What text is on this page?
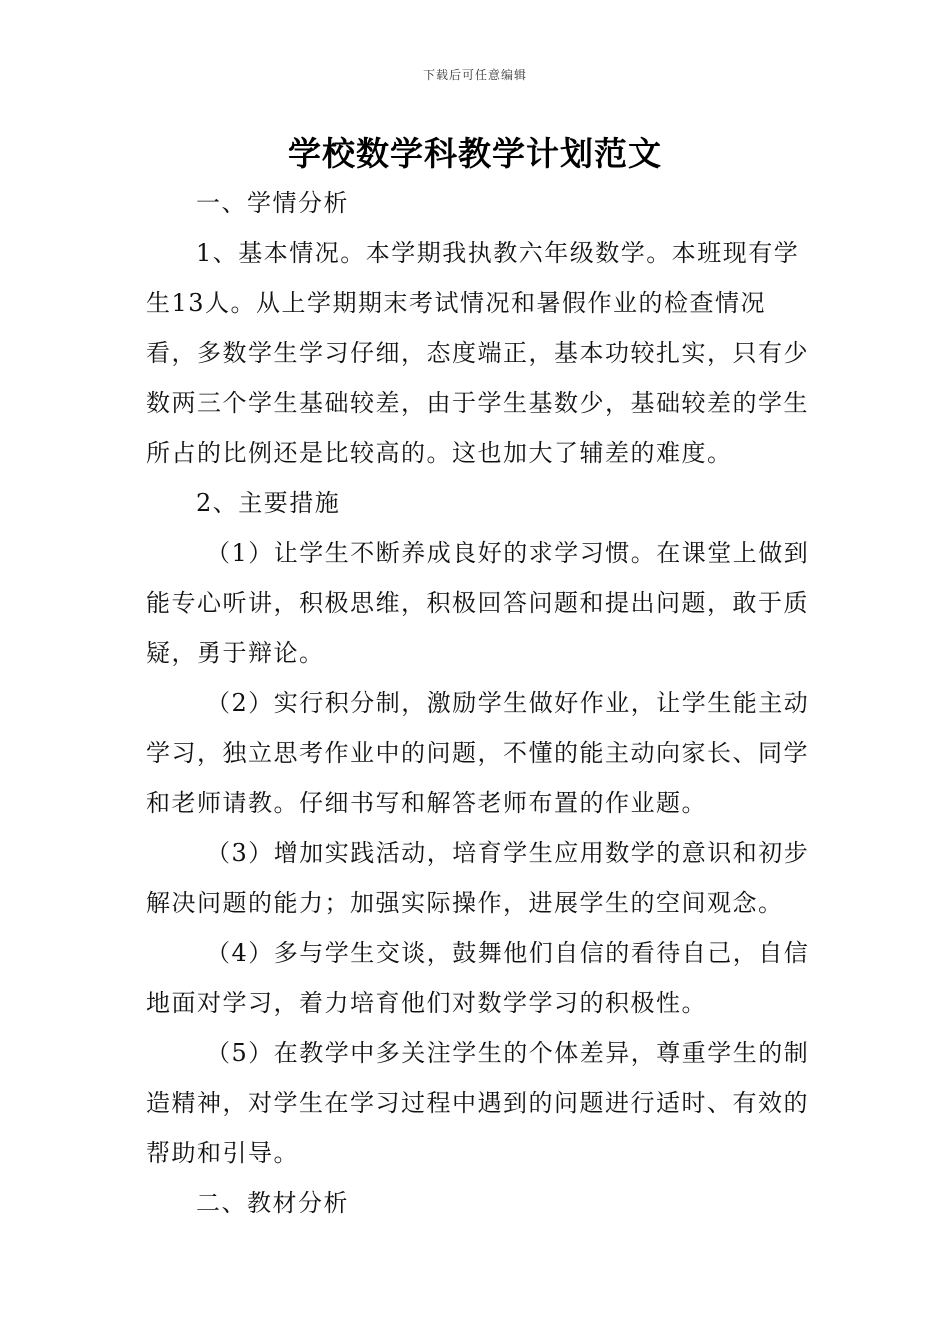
下载后可任意编辑
学校数学科教学计划范文

一、学情分析

1、基本情况。本学期我执教六年级数学。本班现有学生13人。从上学期期末考试情况和暑假作业的检查情况看，多数学生学习仔细，态度端正，基本功较扎实，只有少数两三个学生基础较差，由于学生基数少，基础较差的学生所占的比例还是比较高的。这也加大了辅差的难度。

2、主要措施

（1）让学生不断养成良好的求学习惯。在课堂上做到能专心听讲，积极思维，积极回答问题和提出问题，敢于质疑，勇于辩论。

（2）实行积分制，激励学生做好作业，让学生能主动学习，独立思考作业中的问题，不懂的能主动向家长、同学和老师请教。仔细书写和解答老师布置的作业题。

（3）增加实践活动，培育学生应用数学的意识和初步解决问题的能力；加强实际操作，进展学生的空间观念。

（4）多与学生交谈，鼓舞他们自信的看待自己，自信地面对学习，着力培育他们对数学学习的积极性。

（5）在教学中多关注学生的个体差异，尊重学生的制造精神，对学生在学习过程中遇到的问题进行适时、有效的帮助和引导。

二、教材分析
